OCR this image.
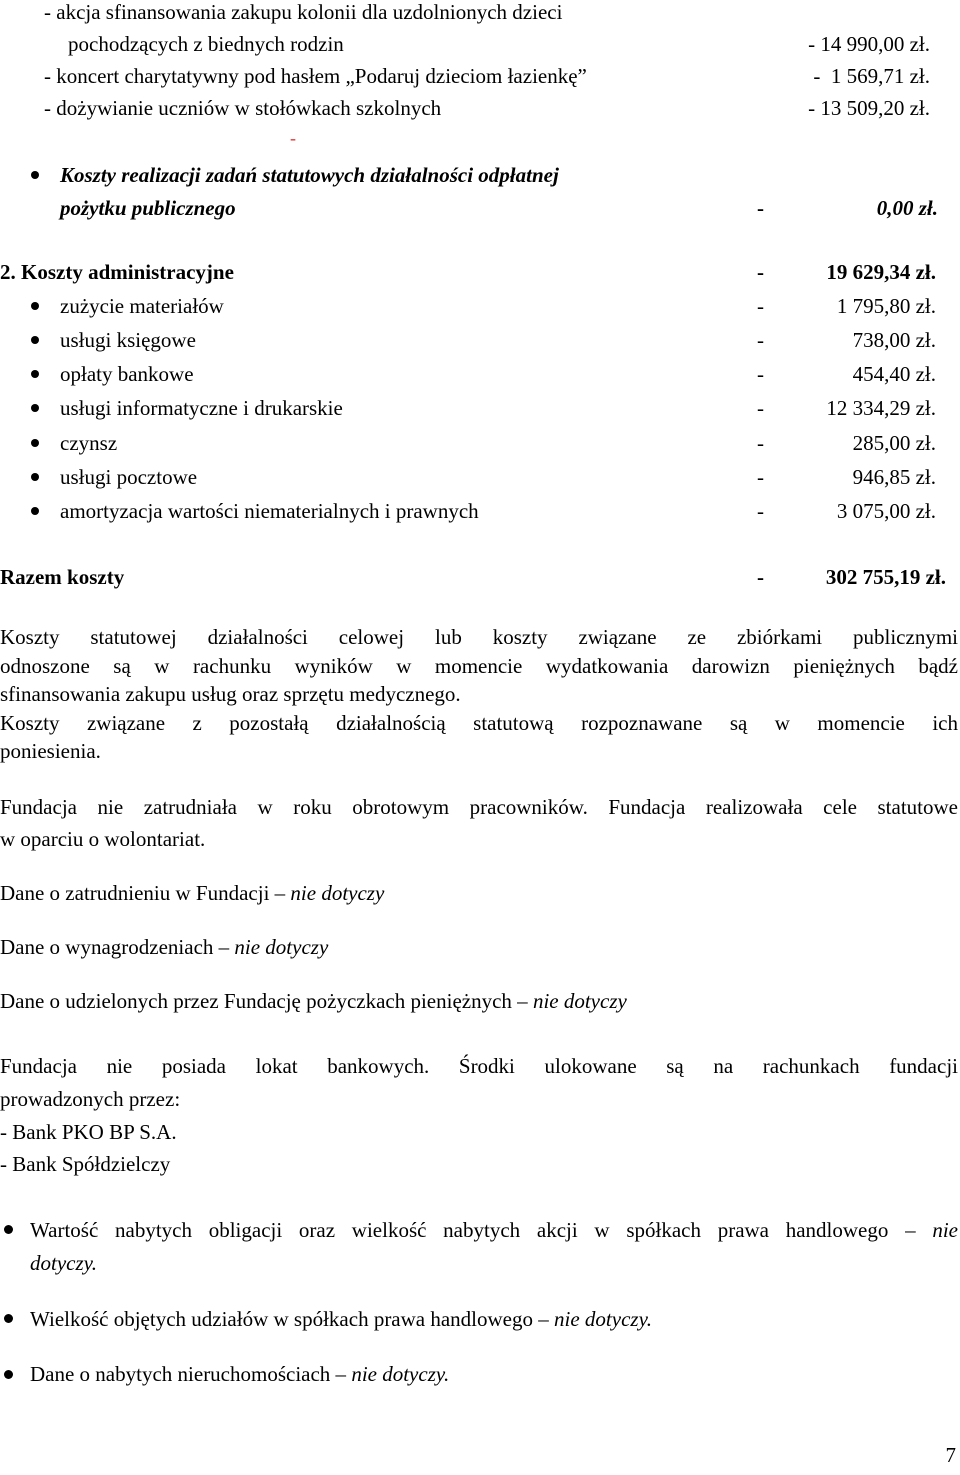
- akcja sfinansowania zakupu kolonii dla uzdolnionych dzieci
pochodzących z biednych rodzin	- 14 990,00 zł.
- koncert charytatywny pod hasłem „Podaruj dzieciom łazienkę”	-  1 569,71 zł.
- dożywianie uczniów w stołówkach szkolnych	- 13 509,20 zł.
-
Koszty realizacji zadań statutowych działalności odpłatnej
pożytku publicznego	-	0,00 zł.
2. Koszty administracyjne	-	19 629,34 zł.
zużycie materiałów	-	1 795,80 zł.
usługi księgowe	-	738,00 zł.
opłaty bankowe	-	454,40 zł.
usługi informatyczne i drukarskie	-	12 334,29 zł.
czynsz	-	285,00 zł.
usługi pocztowe	-	946,85 zł.
amortyzacja wartości niematerialnych i prawnych	-	3 075,00 zł.
Razem koszty	-	302 755,19 zł.
Koszty statutowej działalności celowej lub koszty związane ze zbiórkami publicznymi
odnoszone są w rachunku wyników w momencie wydatkowania darowizn pieniężnych bądź
sfinansowania zakupu usług oraz sprzętu medycznego.
Koszty związane z pozostałą działalnością statutową rozpoznawane są w momencie ich
poniesienia.
Fundacja nie zatrudniała w roku obrotowym pracowników. Fundacja realizowała cele statutowe
w oparciu o wolontariat.
Dane o zatrudnieniu w Fundacji – nie dotyczy
Dane o wynagrodzeniach – nie dotyczy
Dane o udzielonych przez Fundację pożyczkach pieniężnych – nie dotyczy
Fundacja nie posiada lokat bankowych. Środki ulokowane są na rachunkach fundacji
prowadzonych przez:
- Bank PKO BP S.A.
- Bank Spółdzielczy
Wartość nabytych obligacji oraz wielkość nabytych akcji w spółkach prawa handlowego – nie
dotyczy.
Wielkość objętych udziałów w spółkach prawa handlowego – nie dotyczy.
Dane o nabytych nieruchomościach – nie dotyczy.
7
